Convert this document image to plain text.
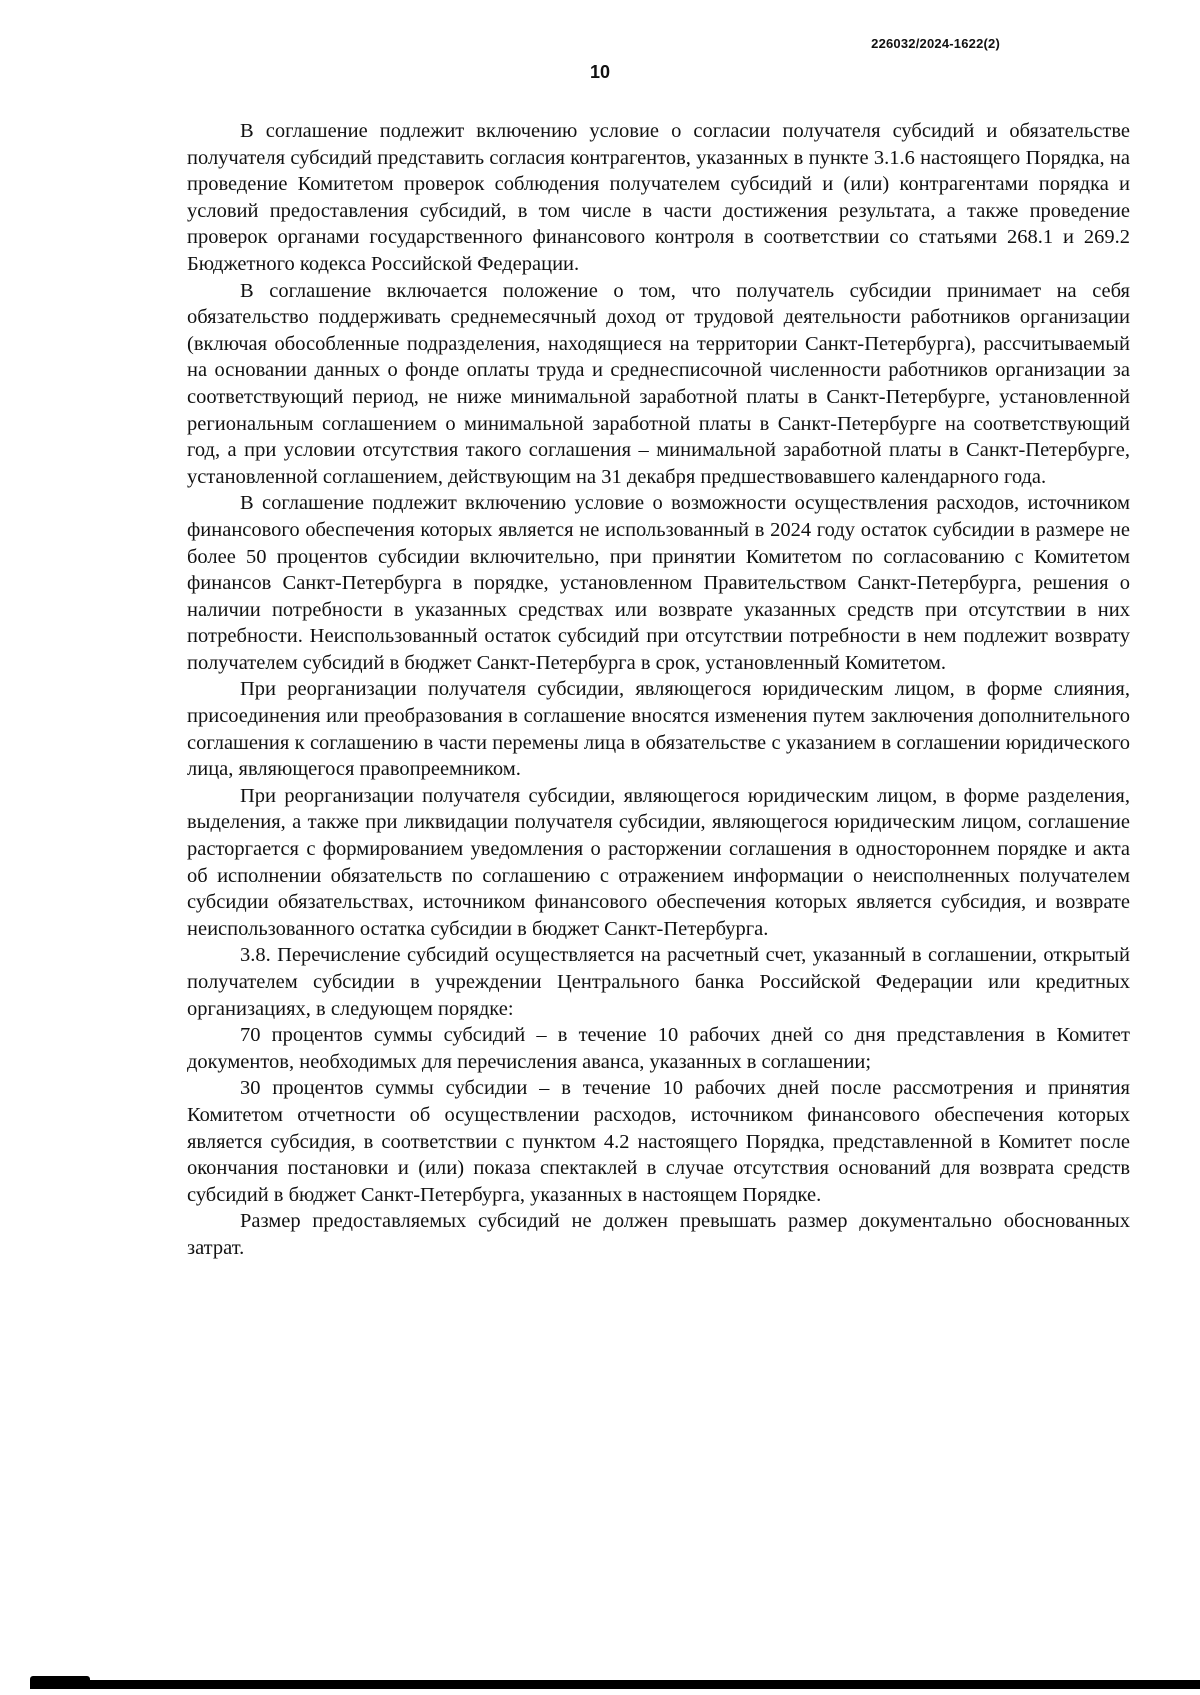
226032/2024-1622(2)
10

В соглашение подлежит включению условие о согласии получателя субсидий и обязательстве получателя субсидий представить согласия контрагентов, указанных в пункте 3.1.6 настоящего Порядка, на проведение Комитетом проверок соблюдения получателем субсидий и (или) контрагентами порядка и условий предоставления субсидий, в том числе в части достижения результата, а также проведение проверок органами государственного финансового контроля в соответствии со статьями 268.1 и 269.2 Бюджетного кодекса Российской Федерации.

В соглашение включается положение о том, что получатель субсидии принимает на себя обязательство поддерживать среднемесячный доход от трудовой деятельности работников организации (включая обособленные подразделения, находящиеся на территории Санкт-Петербурга), рассчитываемый на основании данных о фонде оплаты труда и среднесписочной численности работников организации за соответствующий период, не ниже минимальной заработной платы в Санкт-Петербурге, установленной региональным соглашением о минимальной заработной платы в Санкт-Петербурге на соответствующий год, а при условии отсутствия такого соглашения – минимальной заработной платы в Санкт-Петербурге, установленной соглашением, действующим на 31 декабря предшествовавшего календарного года.

В соглашение подлежит включению условие о возможности осуществления расходов, источником финансового обеспечения которых является не использованный в 2024 году остаток субсидии в размере не более 50 процентов субсидии включительно, при принятии Комитетом по согласованию с Комитетом финансов Санкт-Петербурга в порядке, установленном Правительством Санкт-Петербурга, решения о наличии потребности в указанных средствах или возврате указанных средств при отсутствии в них потребности. Неиспользованный остаток субсидий при отсутствии потребности в нем подлежит возврату получателем субсидий в бюджет Санкт-Петербурга в срок, установленный Комитетом.

При реорганизации получателя субсидии, являющегося юридическим лицом, в форме слияния, присоединения или преобразования в соглашение вносятся изменения путем заключения дополнительного соглашения к соглашению в части перемены лица в обязательстве с указанием в соглашении юридического лица, являющегося правопреемником.

При реорганизации получателя субсидии, являющегося юридическим лицом, в форме разделения, выделения, а также при ликвидации получателя субсидии, являющегося юридическим лицом, соглашение расторгается с формированием уведомления о расторжении соглашения в одностороннем порядке и акта об исполнении обязательств по соглашению с отражением информации о неисполненных получателем субсидии обязательствах, источником финансового обеспечения которых является субсидия, и возврате неиспользованного остатка субсидии в бюджет Санкт-Петербурга.

3.8. Перечисление субсидий осуществляется на расчетный счет, указанный в соглашении, открытый получателем субсидии в учреждении Центрального банка Российской Федерации или кредитных организациях, в следующем порядке:

70 процентов суммы субсидий – в течение 10 рабочих дней со дня представления в Комитет документов, необходимых для перечисления аванса, указанных в соглашении;

30 процентов суммы субсидии – в течение 10 рабочих дней после рассмотрения и принятия Комитетом отчетности об осуществлении расходов, источником финансового обеспечения которых является субсидия, в соответствии с пунктом 4.2 настоящего Порядка, представленной в Комитет после окончания постановки и (или) показа спектаклей в случае отсутствия оснований для возврата средств субсидий в бюджет Санкт-Петербурга, указанных в настоящем Порядке.

Размер предоставляемых субсидий не должен превышать размер документально обоснованных затрат.
